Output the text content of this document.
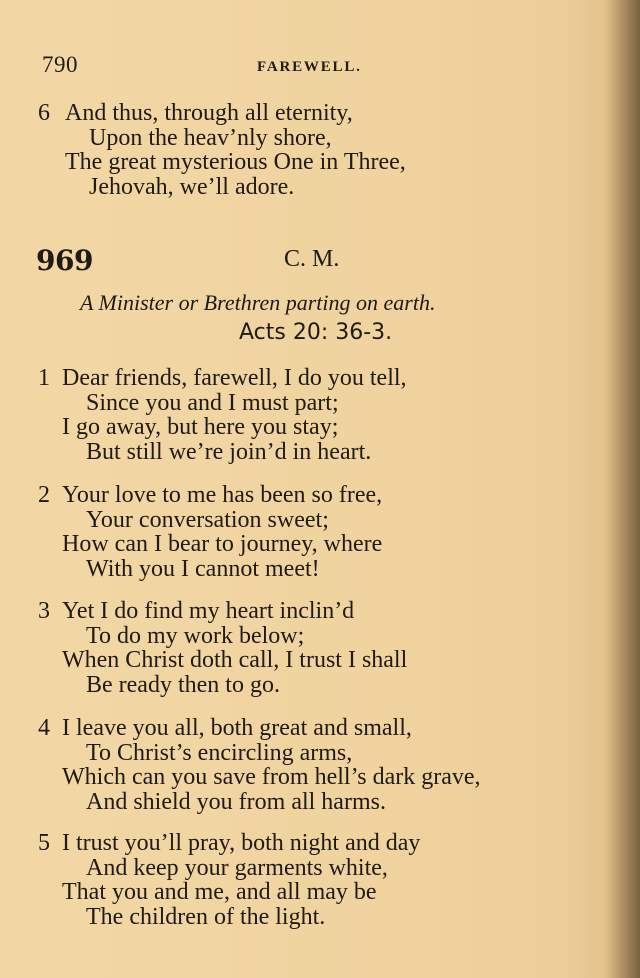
790	FAREWELL.
6 And thus, through all eternity,
Upon the heav’nly shore,
The great mysterious One in Three,
Jehovah, we’ll adore.
969	C. M.
A Minister or Brethren parting on earth.
Acts 20: 36-3.
1 Dear friends, farewell, I do you tell,
Since you and I must part;
I go away, but here you stay;
But still we’re join’d in heart.
2 Your love to me has been so free,
Your conversation sweet;
How can I bear to journey, where
With you I cannot meet!
3 Yet I do find my heart inclin’d
To do my work below;
When Christ doth call, I trust I shall
Be ready then to go.
4 I leave you all, both great and small,
To Christ’s encircling arms,
Which can you save from hell’s dark grave,
And shield you from all harms.
5 I trust you’ll pray, both night and day
And keep your garments white,
That you and me, and all may be
The children of the light.
